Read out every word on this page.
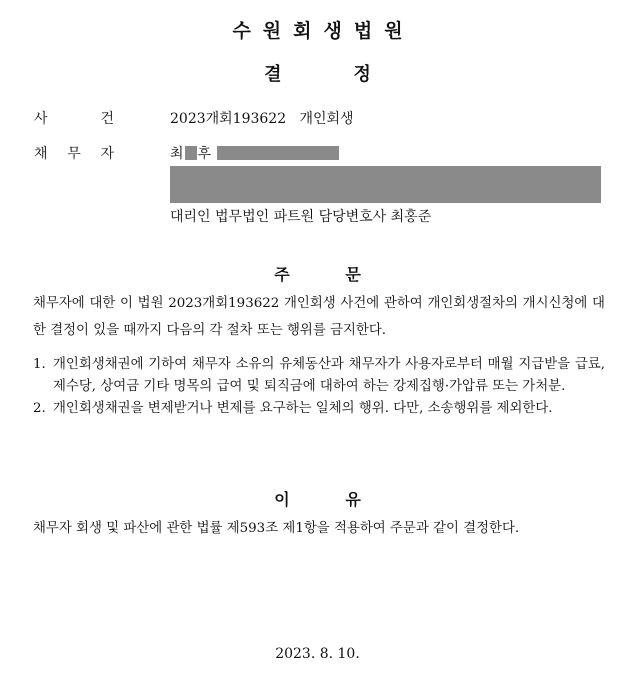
수원회생법원
결	정
사	건	2023개회193622   개인회생
채 무 자	최 후
대리인 법무법인 파트원 담당변호사 최홍준
주          문
채무자에 대한 이 법원 2023개회193622 개인회생 사건에 관하여 개인회생절차의 개시신청에 대한 결정이 있을 때까지 다음의 각 절차 또는 행위를 금지한다.
1. 개인회생채권에 기하여 채무자 소유의 유체동산과 채무자가 사용자로부터 매월 지급받을 급료, 제수당, 상여금 기타 명목의 급여 및 퇴직금에 대하여 하는 강제집행·가압류 또는 가처분.
2. 개인회생채권을 변제받거나 변제를 요구하는 일체의 행위. 다만, 소송행위를 제외한다.
이          유
채무자 회생 및 파산에 관한 법률 제593조 제1항을 적용하여 주문과 같이 결정한다.
2023. 8. 10.
